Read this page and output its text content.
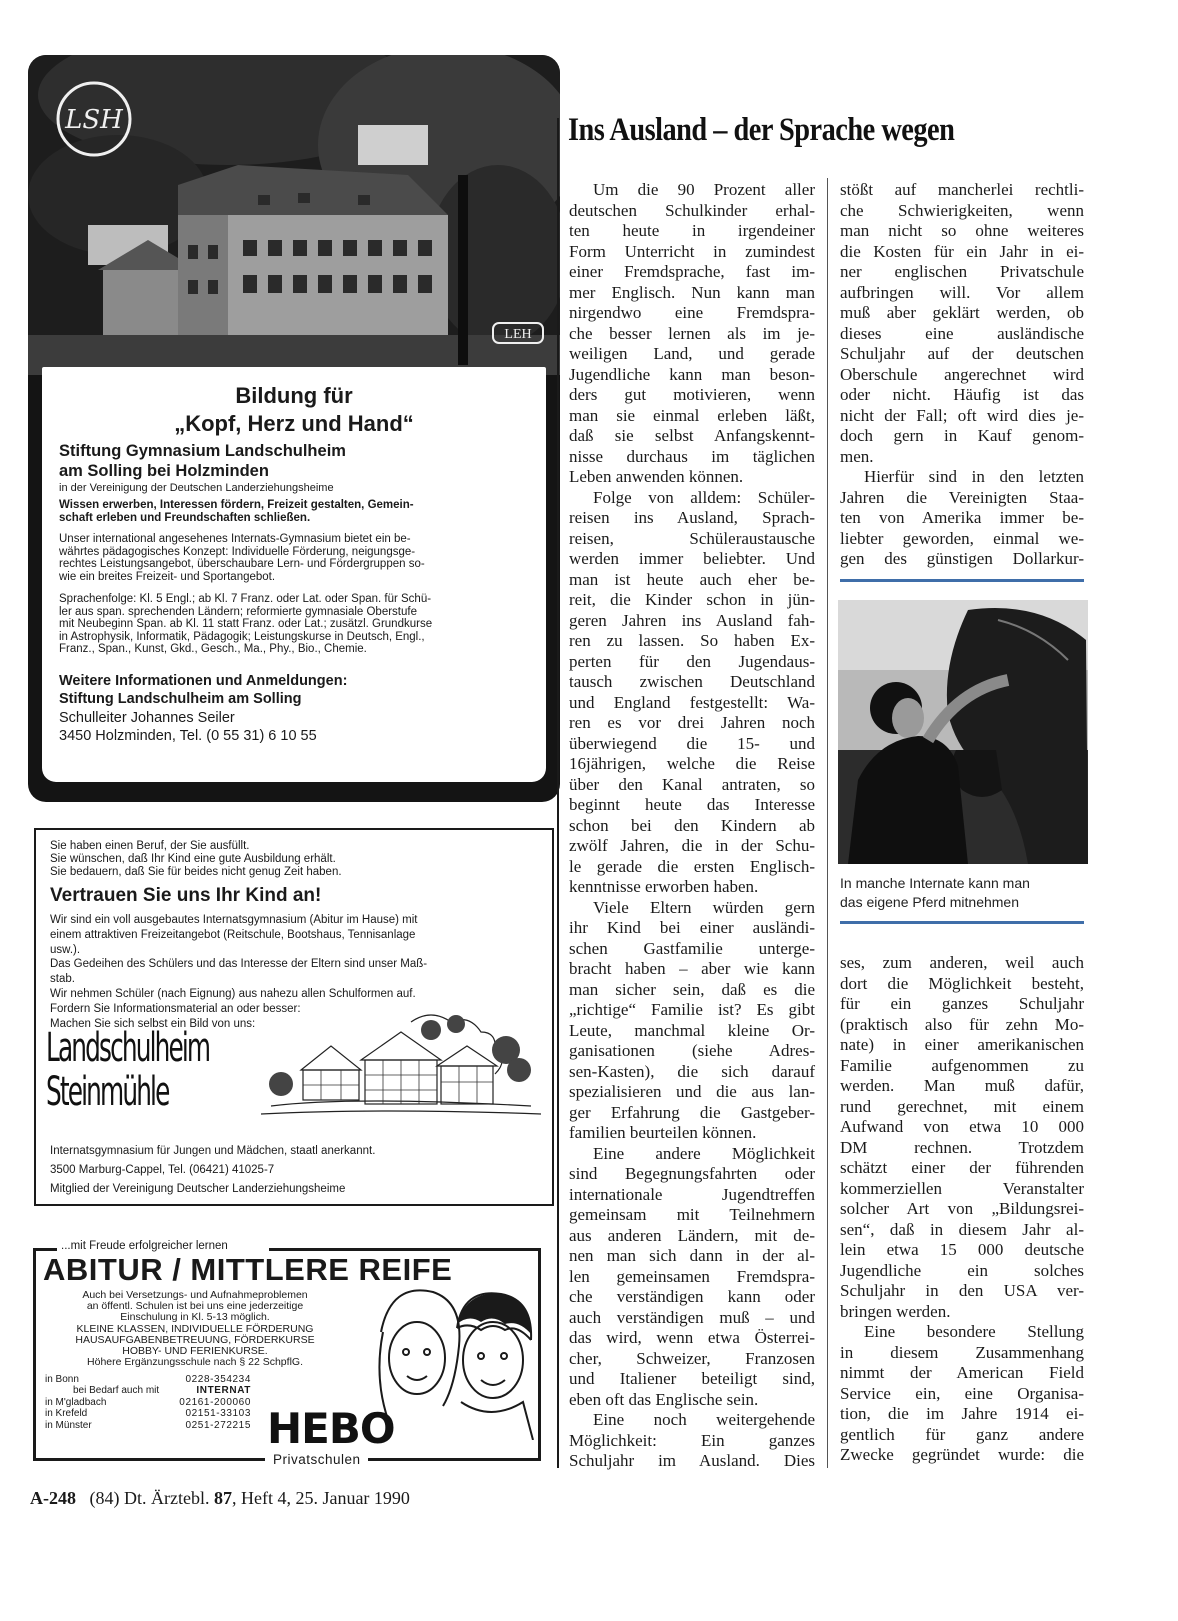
LSH
LEH
Bildung für
„Kopf, Herz und Hand“
Stiftung Gymnasium Landschulheim
am Solling bei Holzminden
in der Vereinigung der Deutschen Landerziehungsheime
Wissen erwerben, Interessen fördern, Freizeit gestalten, Gemein-
schaft erleben und Freundschaften schließen.
Unser international angesehenes Internats-Gymnasium bietet ein be-
währtes pädagogisches Konzept: Individuelle Förderung, neigungsge-
rechtes Leistungsangebot, überschaubare Lern- und Fördergruppen so-
wie ein breites Freizeit- und Sportangebot.
Sprachenfolge: Kl. 5 Engl.; ab Kl. 7 Franz. oder Lat. oder Span. für Schü-
ler aus span. sprechenden Ländern; reformierte gymnasiale Oberstufe
mit Neubeginn Span. ab Kl. 11 statt Franz. oder Lat.; zusätzl. Grundkurse
in Astrophysik, Informatik, Pädagogik; Leistungskurse in Deutsch, Engl.,
Franz., Span., Kunst, Gkd., Gesch., Ma., Phy., Bio., Chemie.
Weitere Informationen und Anmeldungen:
Stiftung Landschulheim am Solling
Schulleiter Johannes Seiler
3450 Holzminden, Tel. (0 55 31) 6 10 55
Sie haben einen Beruf, der Sie ausfüllt.
Sie wünschen, daß Ihr Kind eine gute Ausbildung erhält.
Sie bedauern, daß Sie für beides nicht genug Zeit haben.
Vertrauen Sie uns Ihr Kind an!
Wir sind ein voll ausgebautes Internatsgymnasium (Abitur im Hause) mit
einem attraktiven Freizeitangebot (Reitschule, Bootshaus, Tennisanlage
usw.).
Das Gedeihen des Schülers und das Interesse der Eltern sind unser Maß-
stab.
Wir nehmen Schüler (nach Eignung) aus nahezu allen Schulformen auf.
Fordern Sie Informationsmaterial an oder besser:
Machen Sie sich selbst ein Bild von uns:
Landschulheim
Steinmühle
Internatsgymnasium für Jungen und Mädchen, staatl anerkannt.
3500 Marburg-Cappel, Tel. (06421) 41025-7
Mitglied der Vereinigung Deutscher Landerziehungsheime
...mit Freude erfolgreicher lernen
ABITUR / MITTLERE REIFE
Auch bei Versetzungs- und Aufnahmeproblemen
an öffentl. Schulen ist bei uns eine jederzeitige
Einschulung in Kl. 5-13 möglich.
KLEINE KLASSEN, INDIVIDUELLE FÖRDERUNG
HAUSAUFGABENBETREUUNG, FÖRDERKURSE
HOBBY- UND FERIENKURSE.
Höhere Ergänzungsschule nach § 22 SchpflG.
in Bonn	0228-354234
bei Bedarf auch mit	INTERNAT
in M'gladbach	02161-200060
in Krefeld	02151-33103
in Münster	0251-272215 HEBO
Privatschulen
Ins Ausland – der Sprache wegen
Um die 90 Prozent aller
deutschen Schulkinder erhal-
ten heute in irgendeiner
Form Unterricht in zumindest
einer Fremdsprache, fast im-
mer Englisch. Nun kann man
nirgendwo eine Fremdspra-
che besser lernen als im je-
weiligen Land, und gerade
Jugendliche kann man beson-
ders gut motivieren, wenn
man sie einmal erleben läßt,
daß sie selbst Anfangskennt-
nisse durchaus im täglichen
Leben anwenden können.
Folge von alldem: Schüler-
reisen ins Ausland, Sprach-
reisen, Schüleraustausche
werden immer beliebter. Und
man ist heute auch eher be-
reit, die Kinder schon in jün-
geren Jahren ins Ausland fah-
ren zu lassen. So haben Ex-
perten für den Jugendaus-
tausch zwischen Deutschland
und England festgestellt: Wa-
ren es vor drei Jahren noch
überwiegend die 15- und
16jährigen, welche die Reise
über den Kanal antraten, so
beginnt heute das Interesse
schon bei den Kindern ab
zwölf Jahren, die in der Schu-
le gerade die ersten Englisch-
kenntnisse erworben haben.
Viele Eltern würden gern
ihr Kind bei einer ausländi-
schen Gastfamilie unterge-
bracht haben – aber wie kann
man sicher sein, daß es die
„richtige“ Familie ist? Es gibt
Leute, manchmal kleine Or-
ganisationen (siehe Adres-
sen-Kasten), die sich darauf
spezialisieren und die aus lan-
ger Erfahrung die Gastgeber-
familien beurteilen können.
Eine andere Möglichkeit
sind Begegnungsfahrten oder
internationale Jugendtreffen
gemeinsam mit Teilnehmern
aus anderen Ländern, mit de-
nen man sich dann in der al-
len gemeinsamen Fremdspra-
che verständigen kann oder
auch verständigen muß – und
das wird, wenn etwa Österrei-
cher, Schweizer, Franzosen
und Italiener beteiligt sind,
eben oft das Englische sein.
Eine noch weitergehende
Möglichkeit: Ein ganzes
Schuljahr im Ausland. Dies
stößt auf mancherlei rechtli-
che Schwierigkeiten, wenn
man nicht so ohne weiteres
die Kosten für ein Jahr in ei-
ner englischen Privatschule
aufbringen will. Vor allem
muß aber geklärt werden, ob
dieses eine ausländische
Schuljahr auf der deutschen
Oberschule angerechnet wird
oder nicht. Häufig ist das
nicht der Fall; oft wird dies je-
doch gern in Kauf genom-
men.
Hierfür sind in den letzten
Jahren die Vereinigten Staa-
ten von Amerika immer be-
liebter geworden, einmal we-
gen des günstigen Dollarkur-
In manche Internate kann man
das eigene Pferd mitnehmen
ses, zum anderen, weil auch
dort die Möglichkeit besteht,
für ein ganzes Schuljahr
(praktisch also für zehn Mo-
nate) in einer amerikanischen
Familie aufgenommen zu
werden. Man muß dafür,
rund gerechnet, mit einem
Aufwand von etwa 10 000
DM rechnen. Trotzdem
schätzt einer der führenden
kommerziellen Veranstalter
solcher Art von „Bildungsrei-
sen“, daß in diesem Jahr al-
lein etwa 15 000 deutsche
Jugendliche ein solches
Schuljahr in den USA ver-
bringen werden.
Eine besondere Stellung
in diesem Zusammenhang
nimmt der American Field
Service ein, eine Organisa-
tion, die im Jahre 1914 ei-
gentlich für ganz andere
Zwecke gegründet wurde: die
A-248 (84) Dt. Ärztebl. 87, Heft 4, 25. Januar 1990
